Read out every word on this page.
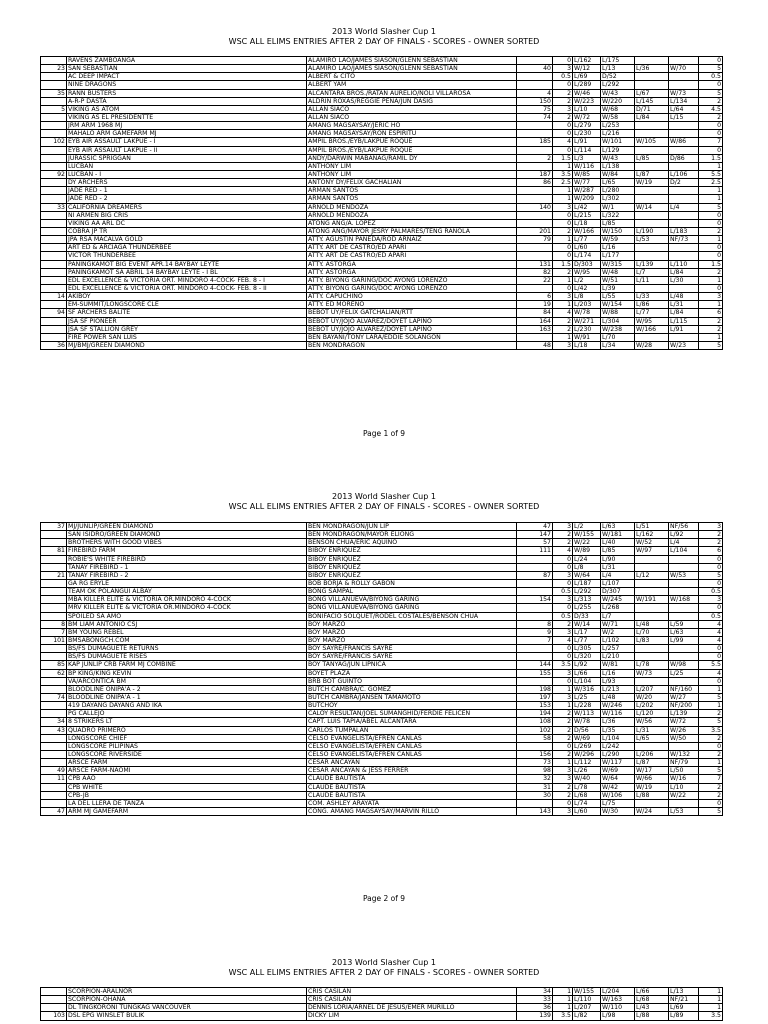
2013 World Slasher Cup 1
WSC ALL ELIMS ENTRIES AFTER 2 DAY OF FINALS - SCORES - OWNER SORTED
	RAVENS ZAMBOANGA	ALAMIRO LAO/JAMES SIASON/GLENN SEBASTIAN		0	L/162	L/175			0
23	SAN SEBASTIAN	ALAMIRO LAO/JAMES SIASON/GLENN SEBASTIAN	40	3	W/12	L/13	L/36	W/70	5
	AC DEEP IMPACT	ALBERT & CITO		0.5	L/69	D/52			0.5
	NINE DRAGONS	ALBERT YAM		0	L/289	L/292			0
35	RANN BUSTERS	ALCANTARA BROS./RATAN AURELIO/NOLI VILLAROSA	4	2	W/46	W/43	L/67	W/73	5
	A-R-P DASTA	ALDRIN ROXAS/REGGIE PEÑA/JUN DASIG	150	2	W/223	W/220	L/145	L/134	2
5	VIKING AS ATOM	ALLAN SIACO	75	3	L/10	W/68	D/71	L/64	4.5
	VIKING AS EL PRESIDENTTE	ALLAN SIACO	74	2	W/72	W/58	L/84	L/15	2
	JRM ARM 1968 MJ	AMANG MAGSAYSAY/JERIC HO		0	L/279	L/253			0
	MAHALO ARM GAMEFARM MJ	AMANG MAGSAYSAY/RON ESPIRITU		0	L/230	L/216			0
102	EYB AIR ASSAULT LAKPUE - I	AMPIL BROS./EYB/LAKPUE ROQUE	185	4	L/91	W/101	W/105	W/86	7
	EYB AIR ASSAULT LAKPUE - II	AMPIL BROS./EYB/LAKPUE ROQUE		0	L/114	L/129			0
	JURASSIC SPRIGGAN	ANDY/DARWIN MABANAG/RAMIL DY	2	1.5	L/3	W/43	L/85	D/86	1.5
	LUCBAN	ANTHONY LIM		1	W/116	L/138			1
92	LUCBAN - I	ANTHONY LIM	187	3.5	W/85	W/84	L/87	L/106	5.5
	DY ARCHERS	ANTONY DY/FELIX GACHALIAN	86	2.5	W/77	L/65	W/19	D/2	2.5
	JADE RED - 1	ARMAN SANTOS		1	W/287	L/280			1
	JADE RED - 2	ARMAN SANTOS		1	W/209	L/302			1
33	CALIFORNIA DREAMERS	ARNOLD MENDOZA	140	3	L/42	W/1	W/14	L/4	5
	NI ARMEN BIG CRIS	ARNOLD MENDOZA		0	L/215	L/322			0
	VIKING AA ARL DC	ATONG ANG/A. LOPEZ		0	L/18	L/85			0
	COBRA JP TR	ATONG ANG/MAYOR JESRY PALMARES/TENG RAÑOLA	201	2	W/166	W/150	L/190	L/183	2
	JPA RSA MACALVA GOLD	ATTY. AGUSTIN PANEDA/ROD ARNAIZ	79	1	L/77	W/59	L/53	NF/73	1
	ART ED & ARCIAGA THUNDERBEE	ATTY. ART DE CASTRO/ED APARI		0	L/60	L/16			0
	VICTOR THUNDERBEE	ATTY. ART DE CASTRO/ED APARI		0	L/174	L/177			0
	PANINGKAMOT BIG EVENT APR.14 BAYBAY LEYTE	ATTY. ASTORGA	131	1.5	D/303	W/315	L/139	L/110	1.5
	PANINGKAMOT SA ABRIL 14 BAYBAY LEYTE - I BL	ATTY. ASTORGA	82	2	W/95	W/48	L/7	L/84	2
	EDL EXCELLENCE & VICTORIA ORT. MINDORO 4-COCK- FEB. 8 - I	ATTY. BIYONG GARING/DOC AYONG LORENZO	22	1	L/2	W/51	L/11	L/30	1
	EDL EXCELLENCE & VICTORIA ORT. MINDORO 4-COCK- FEB. 8 - II	ATTY. BIYONG GARING/DOC AYONG LORENZO		0	L/42	L/39			0
14	AKIBOY	ATTY. CAPUCHINO	6	3	L/8	L/55	L/33	L/48	3
	EM-SUMMIT/LONGSCORE CLE	ATTY. ED MORENO	19	1	L/203	W/154	L/86	L/31	1
94	SF ARCHERS BALITE	BEBOT UY/FELIX GATCHALIAN/RTT	84	4	W/78	W/88	L/77	L/84	6
	JSA SF PIONEER	BEBOT UY/JOJO ALVAREZ/DOYET LAPINO	164	2	W/271	L/304	W/95	L/115	2
	JSA SF STALLION GREY	BEBOT UY/JOJO ALVAREZ/DOYET LAPINO	163	2	L/230	W/238	W/166	L/91	2
	FIRE POWER SAN LUIS	BEN BAYANI/TONY LARA/EDDIE SOLANGON		1	W/91	L/70			1
36	MJ/BMJ/GREEN DIAMOND	BEN MONDRAGON	48	3	L/18	L/34	W/28	W/23	5
Page 1 of 9
2013 World Slasher Cup 1
WSC ALL ELIMS ENTRIES AFTER 2 DAY OF FINALS - SCORES - OWNER SORTED
37	MJ/JUNLIP/GREEN DIAMOND	BEN MONDRAGON/JUN LIP	47	3	L/2	L/63	L/51	NF/56	3
	SAN ISIDRO/GREEN DIAMOND	BEN MONDRAGON/MAYOR ELIONG	147	2	W/155	W/181	L/162	L/92	2
	BROTHERS WITH GOOD VIBES	BENSON CHUA/ERIC AQUINO	57	2	W/22	L/40	W/52	L/4	2
81	FIREBIRD FARM	BIBOY ENRIQUEZ	111	4	W/89	L/85	W/97	L/104	6
	ROBIE'S WHITE FIREBIRD	BIBOY ENRIQUEZ		0	L/24	L/90			0
	TANAY FIREBIRD - 1	BIBOY ENRIQUEZ		0	L/8	L/31			0
21	TANAY FIREBIRD - 2	BIBOY ENRIQUEZ	87	3	W/64	L/4	L/12	W/53	5
	GA RG ERYLE	BOB BORJA & ROLLY GABON		0	L/187	L/107			0
	TEAM OK POLANGUI ALBAY	BONG SAMPAL		0.5	L/292	D/307			0.5
	MBA KILLER ELITE & VICTORIA OR.MINDORO 4-COCK	BONG VILLANUEVA/BIYONG GARING	154	3	L/313	W/245	W/191	W/168	3
	MRV KILLER ELITE & VICTORIA OR.MINDORO 4-COCK	BONG VILLANUEVA/BIYONG GARING		0	L/255	L/268			0
	SPOILED SA AMO	BONIFACIO SOLQUET/RODEL COSTALES/BENSON CHUA		0.5	D/33	L/7			0.5
8	BM LIAM ANTONIO CSJ	BOY MARZO	8	2	W/14	W/71	L/48	L/59	4
7	BM YOUNG REBEL	BOY MARZO	9	3	L/17	W/2	L/70	L/63	4
101	BMSABONGCH.COM	BOY MARZO	7	4	L/77	L/102	L/83	L/99	4
	BS/FS DUMAGUETE RETURNS	BOY SAYRE/FRANCIS SAYRE		0	L/305	L/257			0
	BS/FS DUMAGUETE RISES	BOY SAYRE/FRANCIS SAYRE		0	L/320	L/210			0
85	KAP JUNLIP CRB FARM MJ COMBINE	BOY TANYAG/JUN LIPNICA	144	3.5	L/92	W/81	L/78	W/98	5.5
62	BP KING/KING KEVIN	BOYET PLAZA	155	3	L/66	L/16	W/73	L/25	4
	VA/ARCONTICA BM	BRB BOT GUINTO		0	L/104	L/93			0
	BLOODLINE ONIPA'A - 2	BUTCH CAMBRA/C. GOMEZ	198	1	W/316	L/213	L/207	NF/160	1
74	BLOODLINE ONIPA'A - 1	BUTCH CAMBRA/JANSEN TAMAMOTO	197	3	L/25	L/48	W/20	W/27	5
	419 DAYANG DAYANG AND IKA	BUTCHOY	153	1	L/228	W/246	L/202	NF/200	1
	PG CALLEJO	CALOY RESULTAN/JOEL SUMANGHID/FERDIE FELICEN	194	2	W/113	W/116	L/120	L/139	2
34	8 STRIKERS LT	CAPT. LUIS TAPIA/ABEL ALCANTARA	108	2	W/78	L/36	W/56	W/72	5
43	QUADRO PRIMERO	CARLOS TUMPALAN	102	2	D/56	L/35	L/31	W/26	3.5
	LONGSCORE CHIEF	CELSO EVANGELISTA/EFREN CANLAS	58	2	W/69	L/104	L/65	W/50	2
	LONGSCORE PILIPINAS	CELSO EVANGELISTA/EFREN CANLAS		0	L/269	L/242			0
	LONGSCORE RIVERSIDE	CELSO EVANGELISTA/EFREN CANLAS	156	2	W/296	L/290	L/206	W/132	2
	ARSCE FARM	CESAR ANCAYAN	73	1	L/112	W/117	L/87	NF/79	1
49	ARSCE FARM-NAOMI	CESAR ANCAYAN & JESS FERRER	98	3	L/26	W/69	W/17	L/50	5
11	CPB AAO	CLAUDE BAUTISTA	32	3	W/40	W/64	W/66	W/16	7
	CPB WHITE	CLAUDE BAUTISTA	31	2	L/78	W/42	W/19	L/10	2
	CPB-JB	CLAUDE BAUTISTA	30	2	L/68	W/106	L/88	W/22	2
	LA DEL LLERA DE TANZA	COM. ASHLEY ARAYATA		0	L/74	L/75			0
47	ARM MJ GAMEFARM	CONG. AMANG MAGSAYSAY/MARVIN RILLO	143	3	L/60	W/30	W/24	L/53	5
Page 2 of 9
2013 World Slasher Cup 1
WSC ALL ELIMS ENTRIES AFTER 2 DAY OF FINALS - SCORES - OWNER SORTED
	SCORPION-ARALNOR	CRIS CASILAN	34	1	W/155	L/204	L/66	L/13	1
	SCORPION-OHANA	CRIS CASILAN	33	1	L/110	W/163	L/68	NF/21	1
	DL TINGKORONI TUNGKAG VANCOUVER	DENNIS LORIA/ARNEL DE JESUS/EMER MURILLO	36	1	L/207	W/110	L/43	L/69	1
103	DSL EPG WINSLET BULIK	DICKY LIM	139	3.5	L/82	L/98	L/88	L/89	3.5
